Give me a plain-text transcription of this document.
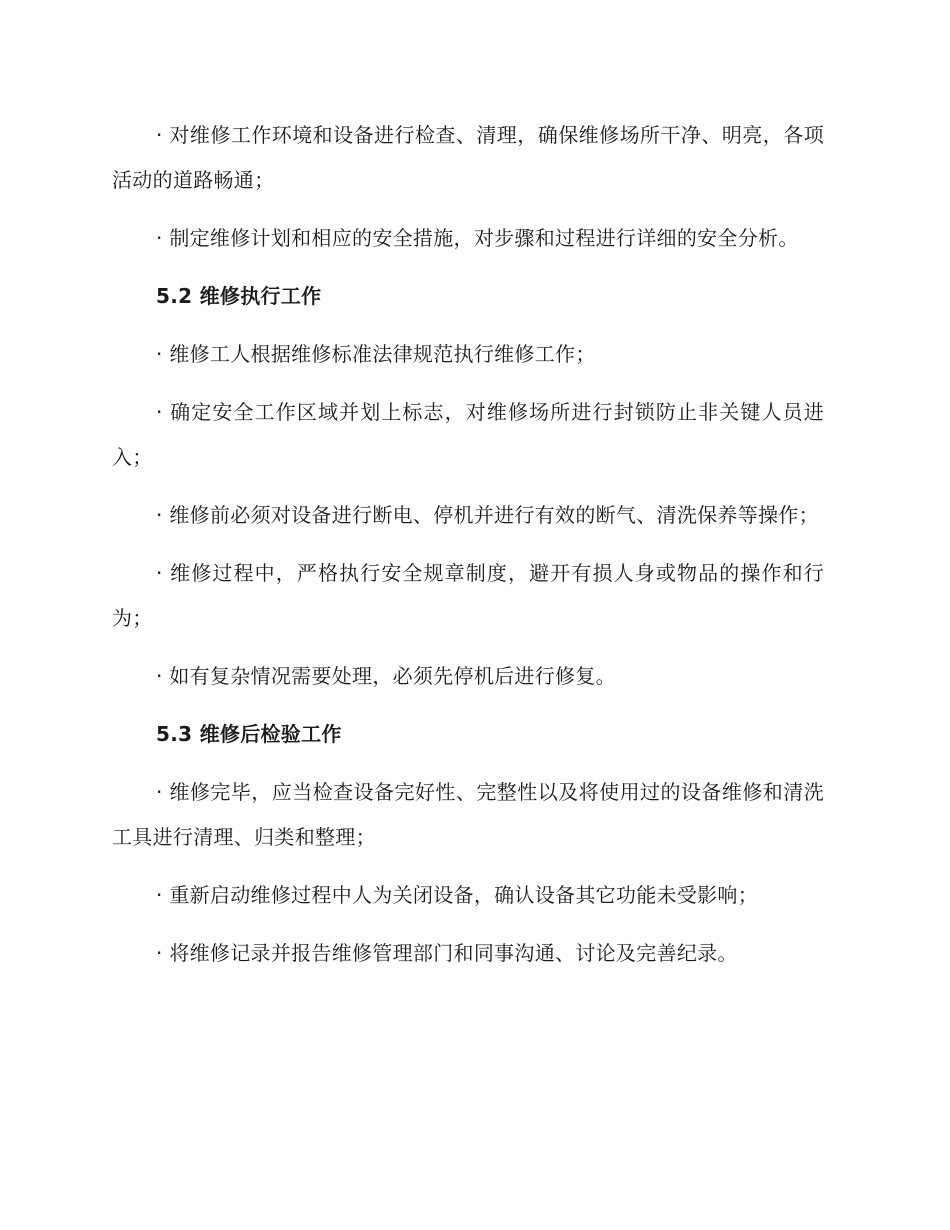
· 对维修工作环境和设备进行检查、清理，确保维修场所干净、明亮，各项活动的道路畅通；

· 制定维修计划和相应的安全措施，对步骤和过程进行详细的安全分析。

5.2 维修执行工作

· 维修工人根据维修标准法律规范执行维修工作；

· 确定安全工作区域并划上标志，对维修场所进行封锁防止非关键人员进入；

· 维修前必须对设备进行断电、停机并进行有效的断气、清洗保养等操作；

· 维修过程中，严格执行安全规章制度，避开有损人身或物品的操作和行为；

· 如有复杂情况需要处理，必须先停机后进行修复。

5.3 维修后检验工作

· 维修完毕，应当检查设备完好性、完整性以及将使用过的设备维修和清洗工具进行清理、归类和整理；

· 重新启动维修过程中人为关闭设备，确认设备其它功能未受影响；

· 将维修记录并报告维修管理部门和同事沟通、讨论及完善纪录。
